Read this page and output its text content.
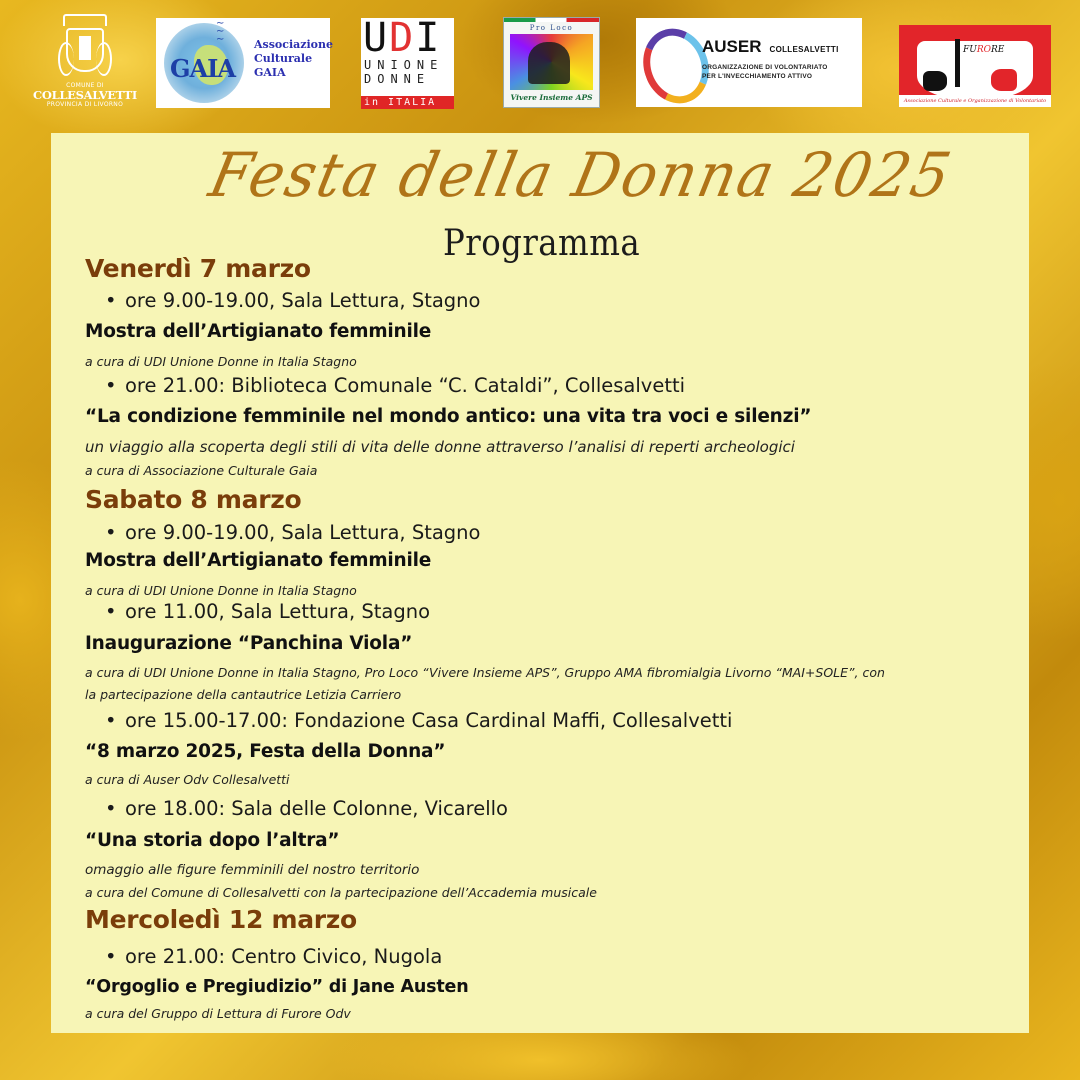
COMUNE DI
COLLESALVETTI
PROVINCIA DI LIVORNO
∼
∼
∼
GAIA
Associazione
Culturale
GAIA
UDI
UNIONE
DONNE
in ITALIA
Pro Loco
Vivere Insieme APS
AUSER COLLESALVETTI
ORGANIZZAZIONE DI VOLONTARIATO
PER L'INVECCHIAMENTO ATTIVO
FURORE
Associazione Culturale e Organizzazione di Volontariato
Festa della Donna 2025
Programma
Venerdì 7 marzo
• ore 9.00-19.00, Sala Lettura, Stagno
Mostra dell’Artigianato femminile
a cura di UDI Unione Donne in Italia Stagno
• ore 21.00: Biblioteca Comunale “C. Cataldi”, Collesalvetti
“La condizione femminile nel mondo antico: una vita tra voci e silenzi”
un viaggio alla scoperta degli stili di vita delle donne attraverso l’analisi di reperti archeologici
a cura di Associazione Culturale Gaia
Sabato 8 marzo
• ore 9.00-19.00, Sala Lettura, Stagno
Mostra dell’Artigianato femminile
a cura di UDI Unione Donne in Italia Stagno
• ore 11.00, Sala Lettura, Stagno
Inaugurazione “Panchina Viola”
a cura di UDI Unione Donne in Italia Stagno, Pro Loco “Vivere Insieme APS”, Gruppo AMA fibromialgia Livorno “MAI+SOLE”, con
la partecipazione della cantautrice Letizia Carriero
• ore 15.00-17.00: Fondazione Casa Cardinal Maffi, Collesalvetti
“8 marzo 2025, Festa della Donna”
a cura di Auser Odv Collesalvetti
• ore 18.00: Sala delle Colonne, Vicarello
“Una storia dopo l’altra”
omaggio alle figure femminili del nostro territorio
a cura del Comune di Collesalvetti con la partecipazione dell’Accademia musicale
Mercoledì 12 marzo
• ore 21.00: Centro Civico, Nugola
“Orgoglio e Pregiudizio” di Jane Austen
a cura del Gruppo di Lettura di Furore Odv
